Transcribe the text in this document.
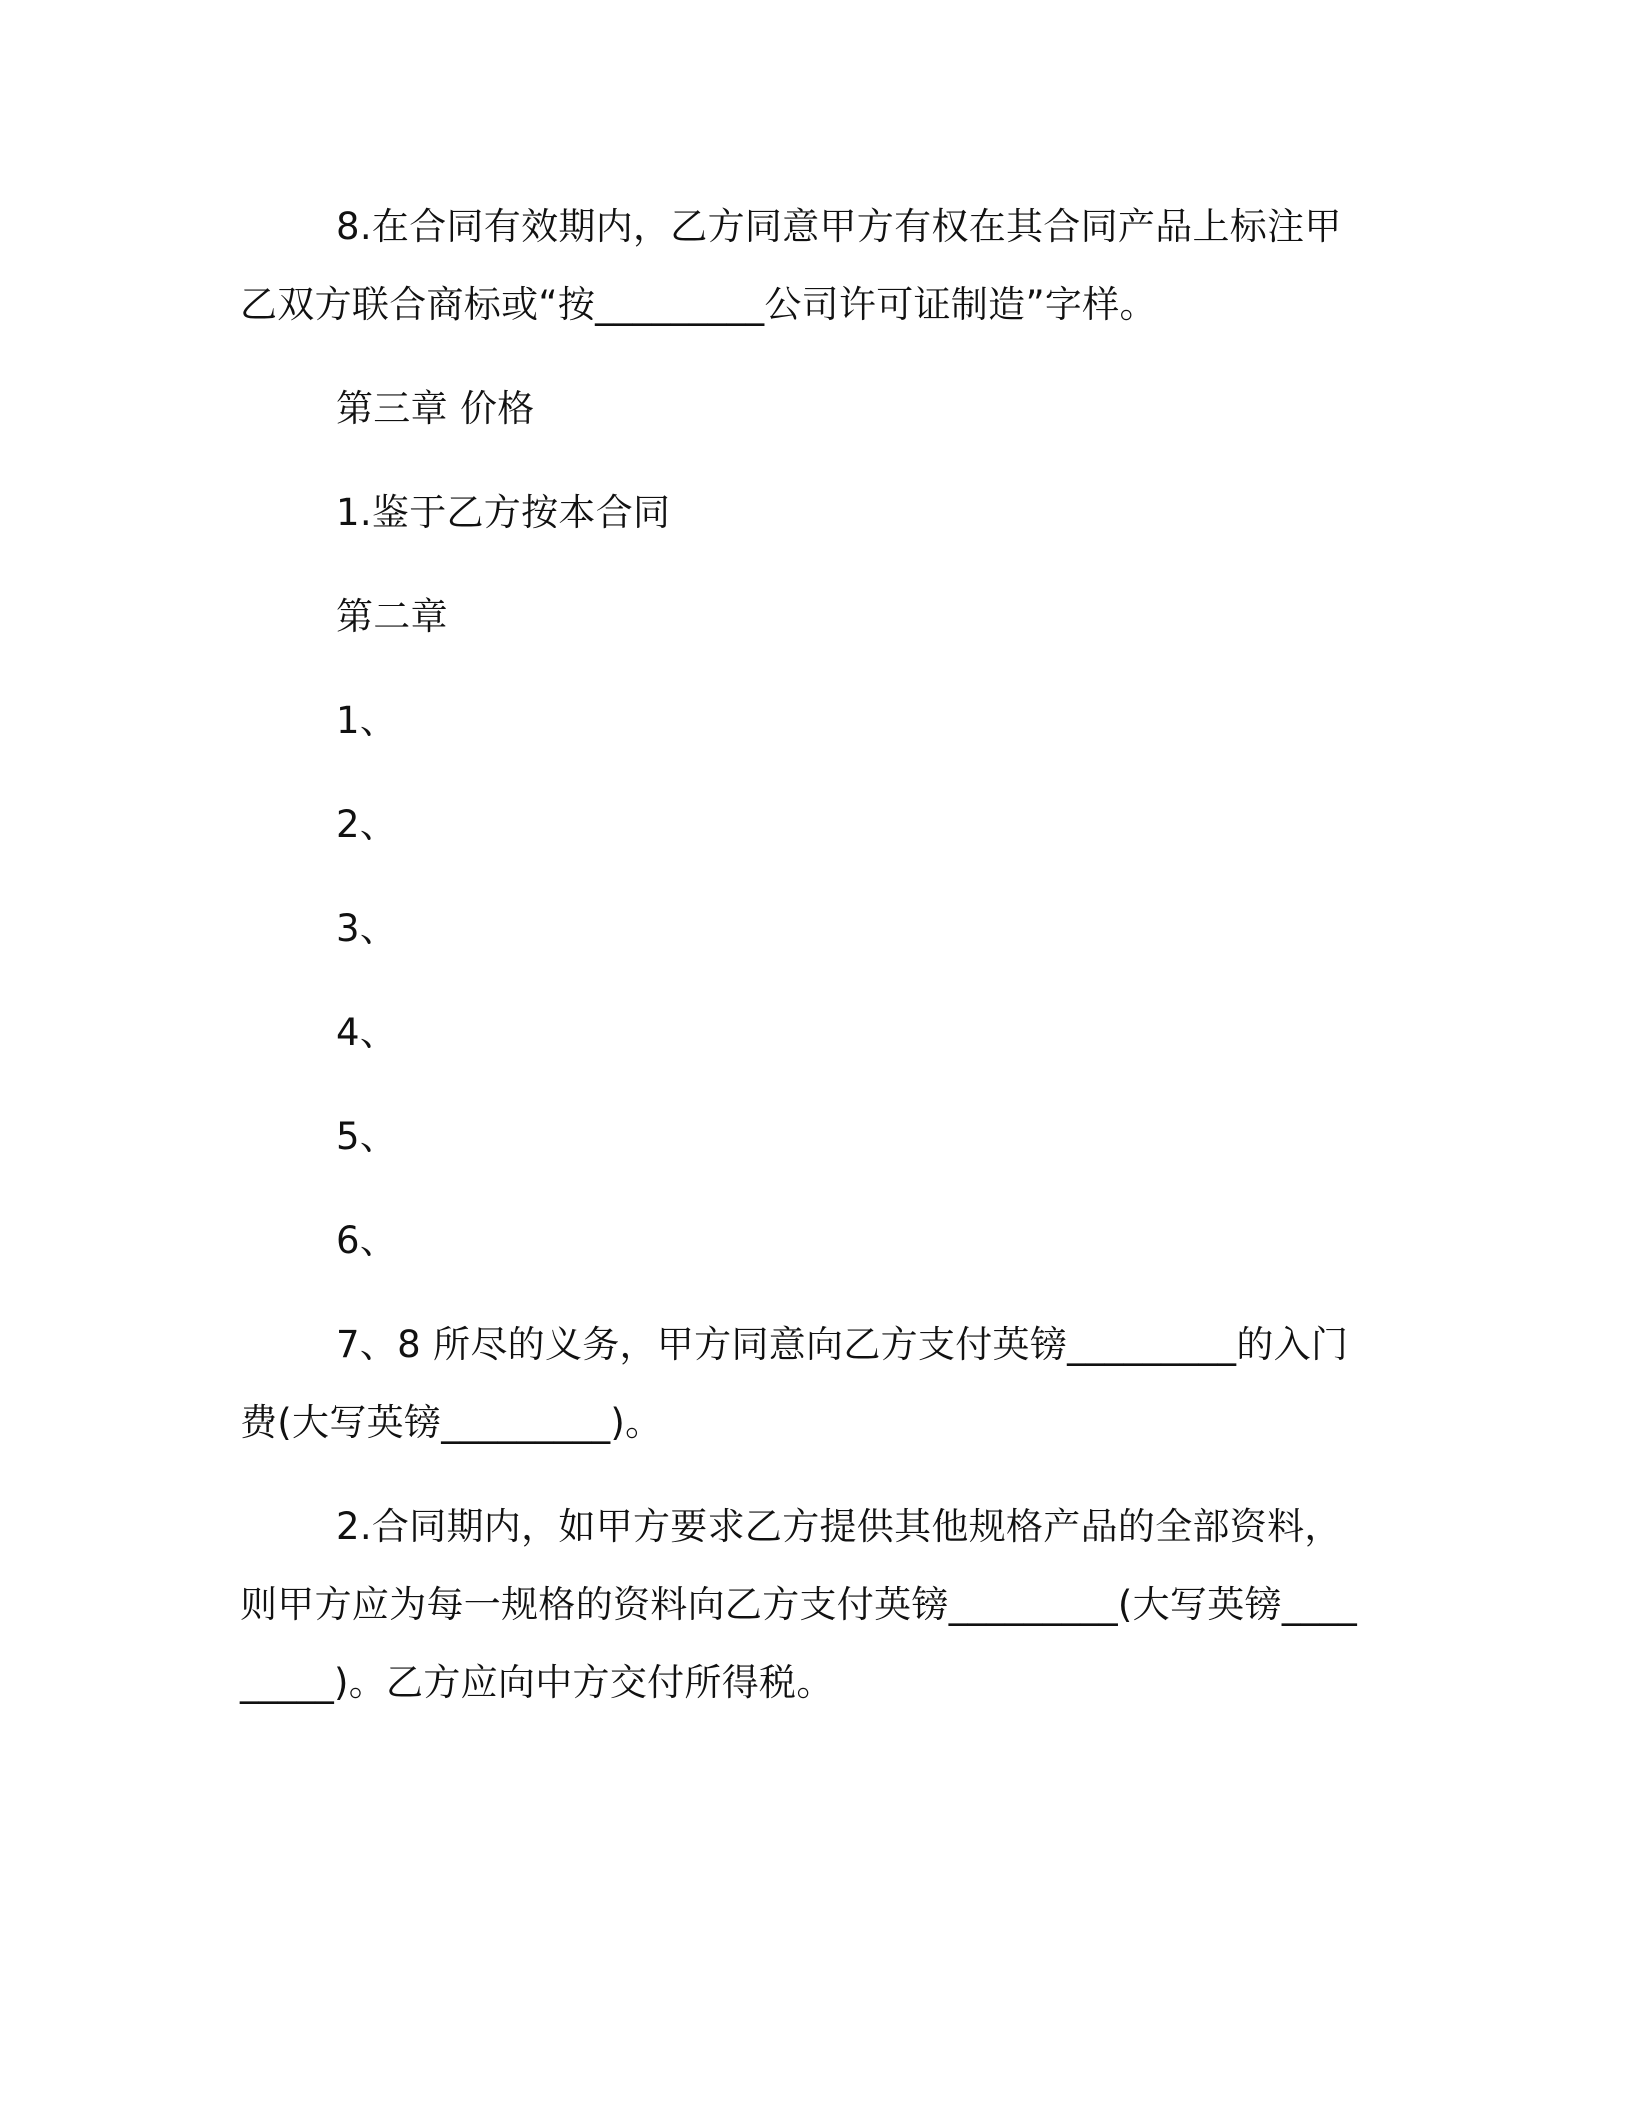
8.在合同有效期内，乙方同意甲方有权在其合同产品上标注甲乙双方联合商标或“按_________公司许可证制造”字样。

第三章 价格

1.鉴于乙方按本合同

第二章

1、

2、

3、

4、

5、

6、

7、8 所尽的义务，甲方同意向乙方支付英镑_________的入门费(大写英镑_________)。

2.合同期内，如甲方要求乙方提供其他规格产品的全部资料，则甲方应为每一规格的资料向乙方支付英镑_________(大写英镑_________)。乙方应向中方交付所得税。
